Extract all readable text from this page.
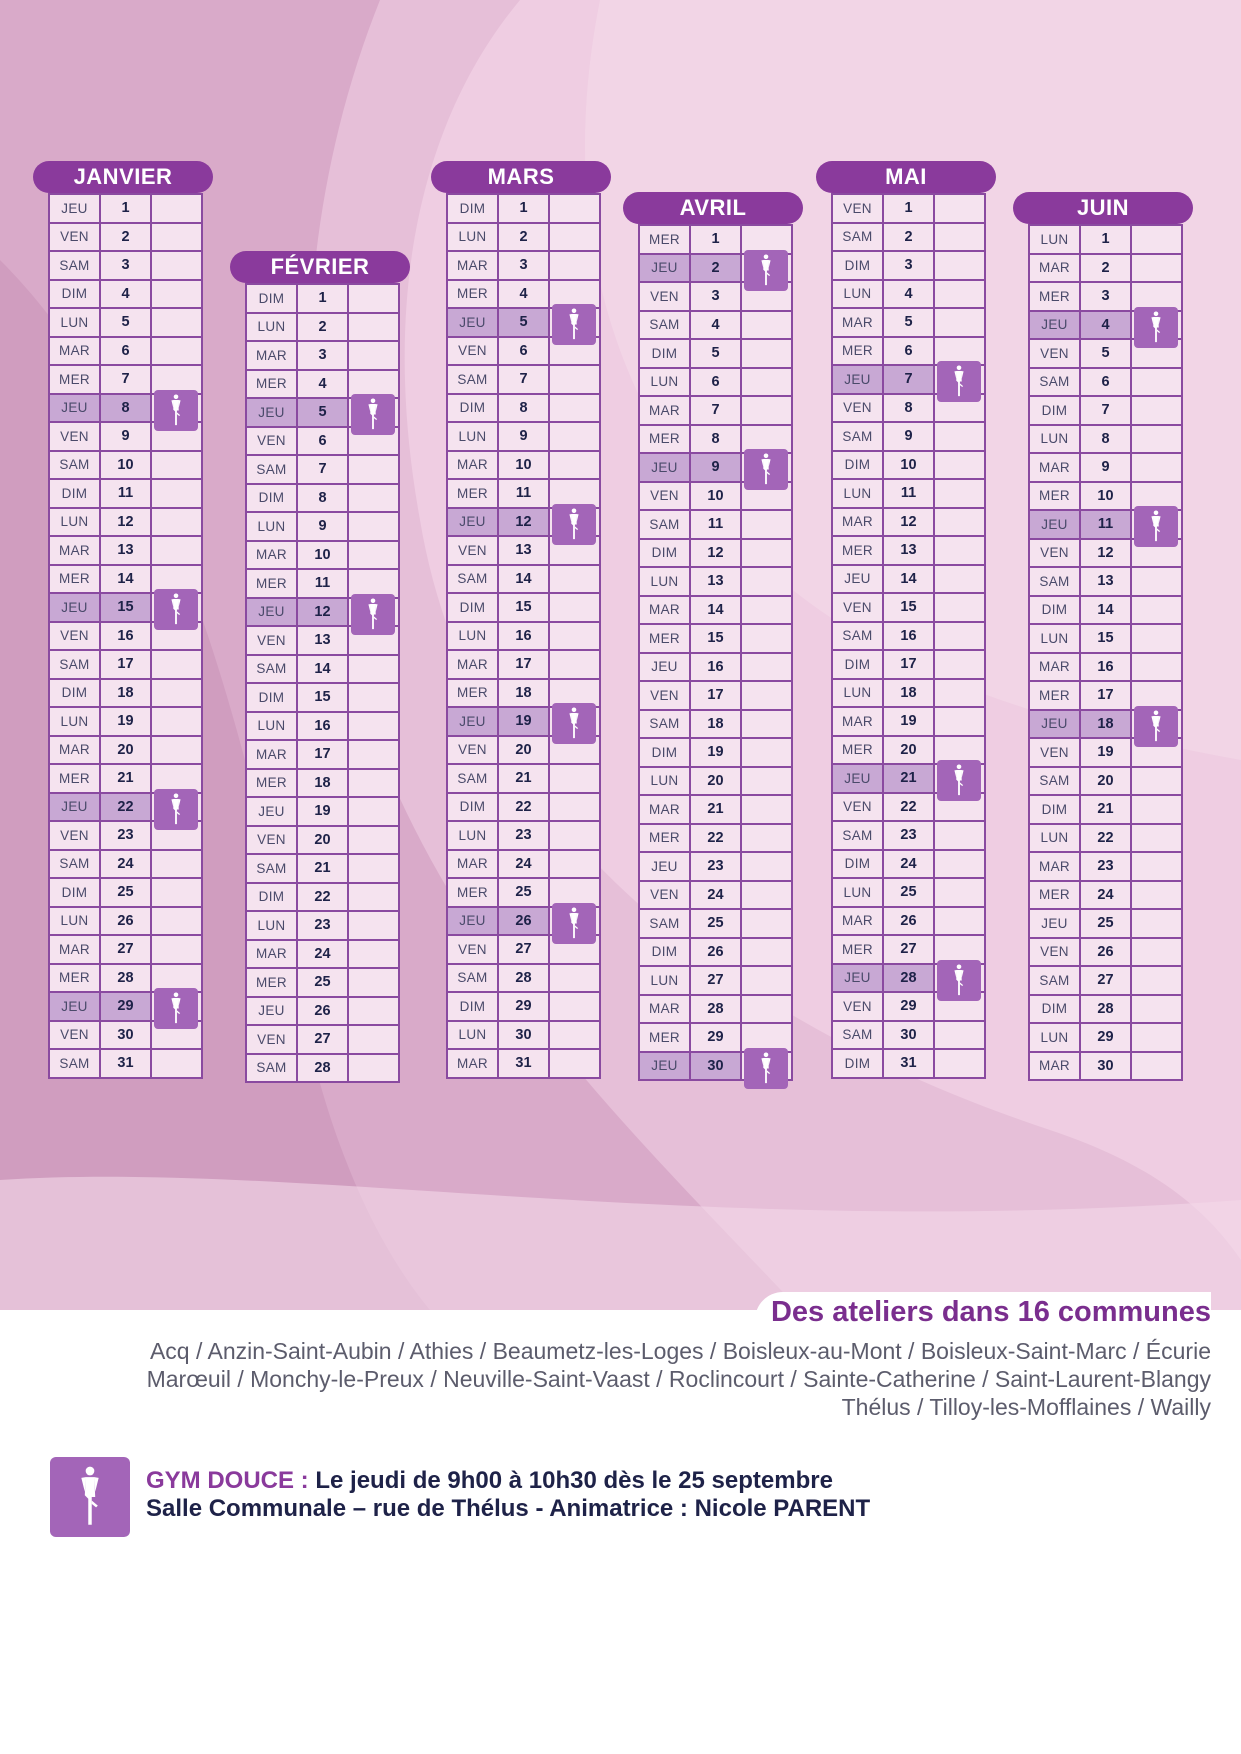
JANVIER
JEU	1
VEN	2
SAM	3
DIM	4
LUN	5
MAR	6
MER	7
JEU	8
VEN	9
SAM	10
DIM	11
LUN	12
MAR	13
MER	14
JEU	15
VEN	16
SAM	17
DIM	18
LUN	19
MAR	20
MER	21
JEU	22
VEN	23
SAM	24
DIM	25
LUN	26
MAR	27
MER	28
JEU	29
VEN	30
SAM	31
FÉVRIER
DIM	1
LUN	2
MAR	3
MER	4
JEU	5
VEN	6
SAM	7
DIM	8
LUN	9
MAR	10
MER	11
JEU	12
VEN	13
SAM	14
DIM	15
LUN	16
MAR	17
MER	18
JEU	19
VEN	20
SAM	21
DIM	22
LUN	23
MAR	24
MER	25
JEU	26
VEN	27
SAM	28
MARS
DIM	1
LUN	2
MAR	3
MER	4
JEU	5
VEN	6
SAM	7
DIM	8
LUN	9
MAR	10
MER	11
JEU	12
VEN	13
SAM	14
DIM	15
LUN	16
MAR	17
MER	18
JEU	19
VEN	20
SAM	21
DIM	22
LUN	23
MAR	24
MER	25
JEU	26
VEN	27
SAM	28
DIM	29
LUN	30
MAR	31
AVRIL
MER	1
JEU	2
VEN	3
SAM	4
DIM	5
LUN	6
MAR	7
MER	8
JEU	9
VEN	10
SAM	11
DIM	12
LUN	13
MAR	14
MER	15
JEU	16
VEN	17
SAM	18
DIM	19
LUN	20
MAR	21
MER	22
JEU	23
VEN	24
SAM	25
DIM	26
LUN	27
MAR	28
MER	29
JEU	30
MAI
VEN	1
SAM	2
DIM	3
LUN	4
MAR	5
MER	6
JEU	7
VEN	8
SAM	9
DIM	10
LUN	11
MAR	12
MER	13
JEU	14
VEN	15
SAM	16
DIM	17
LUN	18
MAR	19
MER	20
JEU	21
VEN	22
SAM	23
DIM	24
LUN	25
MAR	26
MER	27
JEU	28
VEN	29
SAM	30
DIM	31
JUIN
LUN	1
MAR	2
MER	3
JEU	4
VEN	5
SAM	6
DIM	7
LUN	8
MAR	9
MER	10
JEU	11
VEN	12
SAM	13
DIM	14
LUN	15
MAR	16
MER	17
JEU	18
VEN	19
SAM	20
DIM	21
LUN	22
MAR	23
MER	24
JEU	25
VEN	26
SAM	27
DIM	28
LUN	29
MAR	30
Des ateliers dans 16 communes
Acq / Anzin-Saint-Aubin / Athies / Beaumetz-les-Loges / Boisleux-au-Mont / Boisleux-Saint-Marc / Écurie
Marœuil / Monchy-le-Preux / Neuville-Saint-Vaast / Roclincourt / Sainte-Catherine / Saint-Laurent-Blangy
Thélus / Tilloy-les-Mofflaines / Wailly
GYM DOUCE : Le jeudi de 9h00 à 10h30 dès le 25 septembre
Salle Communale – rue de Thélus - Animatrice : Nicole PARENT
